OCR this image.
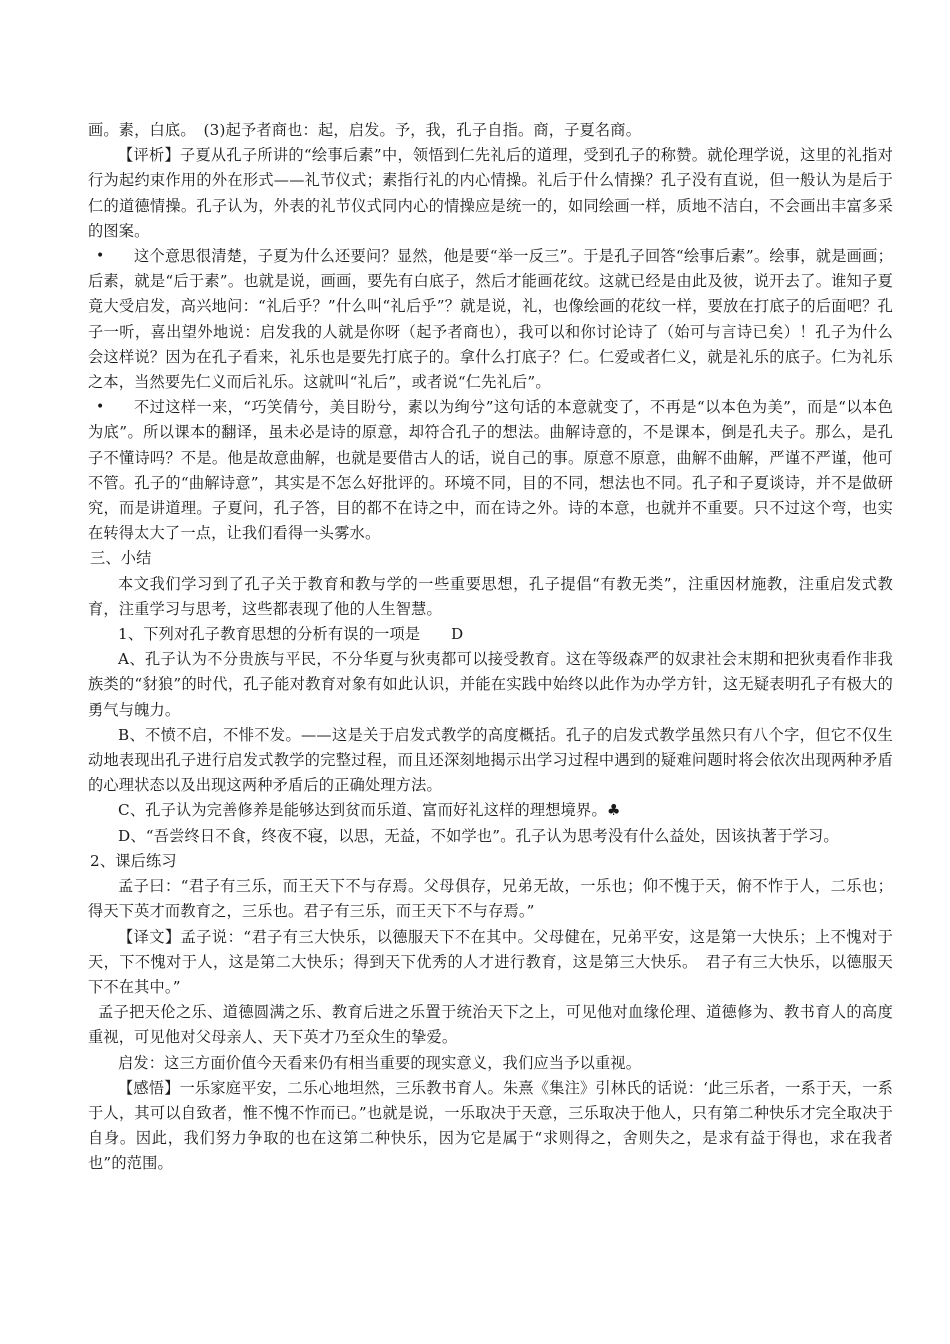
画。素，白底。　(3)起予者商也：起，启发。予，我，孔子自指。商，子夏名商。

【评析】子夏从孔子所讲的“绘事后素”中，领悟到仁先礼后的道理，受到孔子的称赞。就伦理学说，这里的礼指对行为起约束作用的外在形式——礼节仪式；素指行礼的内心情操。礼后于什么情操？孔子没有直说，但一般认为是后于仁的道德情操。孔子认为，外表的礼节仪式同内心的情操应是统一的，如同绘画一样，质地不洁白，不会画出丰富多采的图案。

•	这个意思很清楚，子夏为什么还要问？显然，他是要“举一反三”。于是孔子回答“绘事后素”。绘事，就是画画；后素，就是“后于素”。也就是说，画画，要先有白底子，然后才能画花纹。这就已经是由此及彼，说开去了。谁知子夏竟大受启发，高兴地问：“礼后乎？”什么叫“礼后乎”？就是说，礼，也像绘画的花纹一样，要放在打底子的后面吧？孔子一听，喜出望外地说：启发我的人就是你呀（起予者商也），我可以和你讨论诗了（始可与言诗已矣）！孔子为什么会这样说？因为在孔子看来，礼乐也是要先打底子的。拿什么打底子？仁。仁爱或者仁义，就是礼乐的底子。仁为礼乐之本，当然要先仁义而后礼乐。这就叫“礼后”，或者说“仁先礼后”。
•	不过这样一来，“巧笑倩兮，美目盼兮，素以为绚兮”这句话的本意就变了，不再是“以本色为美”，而是“以本色为底”。所以课本的翻译，虽未必是诗的原意，却符合孔子的想法。曲解诗意的，不是课本，倒是孔夫子。那么，是孔子不懂诗吗？不是。他是故意曲解，也就是要借古人的话，说自己的事。原意不原意，曲解不曲解，严谨不严谨，他可不管。孔子的“曲解诗意”，其实是不怎么好批评的。环境不同，目的不同，想法也不同。孔子和子夏谈诗，并不是做研究，而是讲道理。子夏问，孔子答，目的都不在诗之中，而在诗之外。诗的本意，也就并不重要。只不过这个弯，也实在转得太大了一点，让我们看得一头雾水。

三、小结

本文我们学习到了孔子关于教育和教与学的一些重要思想，孔子提倡“有教无类”，注重因材施教，注重启发式教育，注重学习与思考，这些都表现了他的人生智慧。

1、下列对孔子教育思想的分析有误的一项是　　D

A、孔子认为不分贵族与平民，不分华夏与狄夷都可以接受教育。这在等级森严的奴隶社会末期和把狄夷看作非我族类的“豺狼”的时代，孔子能对教育对象有如此认识，并能在实践中始终以此作为办学方针，这无疑表明孔子有极大的勇气与魄力。

B、不愤不启，不悱不发。——这是关于启发式教学的高度概括。孔子的启发式教学虽然只有八个字，但它不仅生动地表现出孔子进行启发式教学的完整过程，而且还深刻地揭示出学习过程中遇到的疑难问题时将会依次出现两种矛盾的心理状态以及出现这两种矛盾后的正确处理方法。

C、孔子认为完善修养是能够达到贫而乐道、富而好礼这样的理想境界。♣

D、“吾尝终日不食，终夜不寝，以思，无益，不如学也”。孔子认为思考没有什么益处，因该执著于学习。

2、课后练习

孟子曰：“君子有三乐，而王天下不与存焉。父母俱存，兄弟无故，一乐也；仰不愧于天，俯不怍于人，二乐也；得天下英才而教育之，三乐也。君子有三乐，而王天下不与存焉。”

【译文】孟子说：“君子有三大快乐，以德服天下不在其中。父母健在，兄弟平安，这是第一大快乐；上不愧对于天，下不愧对于人，这是第二大快乐；得到天下优秀的人才进行教育，这是第三大快乐。　君子有三大快乐，以德服天下不在其中。”

孟子把天伦之乐、道德圆满之乐、教育后进之乐置于统治天下之上，可见他对血缘伦理、道德修为、教书育人的高度重视，可见他对父母亲人、天下英才乃至众生的挚爱。

启发：这三方面价值今天看来仍有相当重要的现实意义，我们应当予以重视。

【感悟】一乐家庭平安，二乐心地坦然，三乐教书育人。朱熹《集注》引林氏的话说：‘此三乐者，一系于天，一系于人，其可以自致者，惟不愧不怍而已。”也就是说，一乐取决于天意，三乐取决于他人，只有第二种快乐才完全取决于自身。因此，我们努力争取的也在这第二种快乐，因为它是属于“求则得之，舍则失之，是求有益于得也，求在我者也”的范围。
